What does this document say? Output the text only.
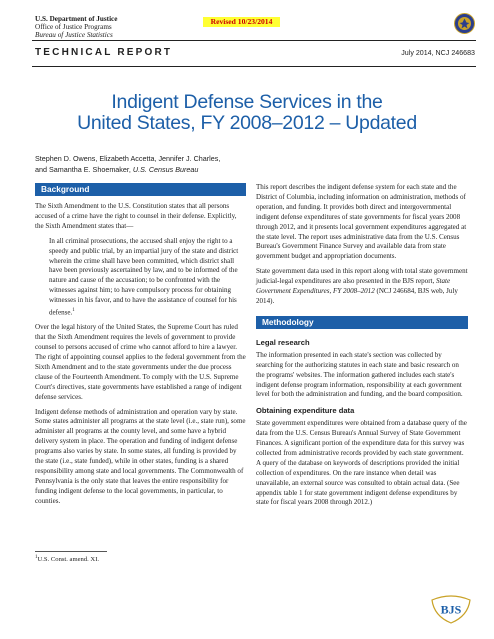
U.S. Department of Justice
Office of Justice Programs
Bureau of Justice Statistics
Revised 10/23/2014
TECHNICAL REPORT	July 2014, NCJ 246683
Indigent Defense Services in the
United States, FY 2008–2012 – Updated
Stephen D. Owens, Elizabeth Accetta, Jennifer J. Charles,
and Samantha E. Shoemaker, U.S. Census Bureau
Background

The Sixth Amendment to the U.S. Constitution states that all persons accused of a crime have the right to counsel in their defense. Explicitly, the Sixth Amendment states that—

In all criminal prosecutions, the accused shall enjoy the right to a speedy and public trial, by an impartial jury of the state and district wherein the crime shall have been committed, which district shall have been previously ascertained by law, and to be informed of the nature and cause of the accusation; to be confronted with the witnesses against him; to have compulsory process for obtaining witnesses in his favor, and to have the assistance of counsel for his defense.$^1$

Over the legal history of the United States, the Supreme Court has ruled that the Sixth Amendment requires the levels of government to provide counsel to persons accused of crime who cannot afford to hire a lawyer. The right of appointing counsel applies to the federal government from the Sixth Amendment and to the state governments under the due process clause of the Fourteenth Amendment. To comply with the U.S. Supreme Court's directives, state governments have established a range of indigent defense services.

Indigent defense methods of administration and operation vary by state. Some states administer all programs at the state level (i.e., state run), some administer all programs at the county level, and some have a hybrid delivery system in place. The operation and funding of indigent defense programs also varies by state. In some states, all funding is provided by the state (i.e., state funded), while in other states, funding is a shared responsibility among state and local governments. The Commonwealth of Pennsylvania is the only state that leaves the entire responsibility for funding indigent defense to the local governments, in particular, to counties.

$^1$U.S. Const. amend. XI.

This report describes the indigent defense system for each state and the District of Columbia, including information on administration, methods of operation, and funding. It provides both direct and intergovernmental indigent defense expenditures of state governments for fiscal years 2008 through 2012, and it presents local government expenditures aggregated at the state level. The report uses administrative data from the U.S. Census Bureau's Government Finance Survey and available data from state government budget and appropriation documents.

State government data used in this report along with total state government judicial-legal expenditures are also presented in the BJS report, State Government Expenditures, FY 2008–2012 (NCJ 246684, BJS web, July 2014).

Methodology
Legal research

The information presented in each state's section was collected by searching for the authorizing statutes in each state and basic research on the programs' websites. The information gathered includes each state's indigent defense program information, responsibility at each government level for both the administration and funding, and the board composition.

Obtaining expenditure data

State government expenditures were obtained from a database query of the data from the U.S. Census Bureau's Annual Survey of State Government Finances. A significant portion of the expenditure data for this survey was collected from administrative records provided by each state government. A query of the database on keywords of descriptions provided the initial collection of expenditures. On the rare instance when detail was unavailable, an external source was consulted to obtain actual data. (See appendix table 1 for state government indigent defense expenditures by state for fiscal years 2008 through 2012.)

BJS
